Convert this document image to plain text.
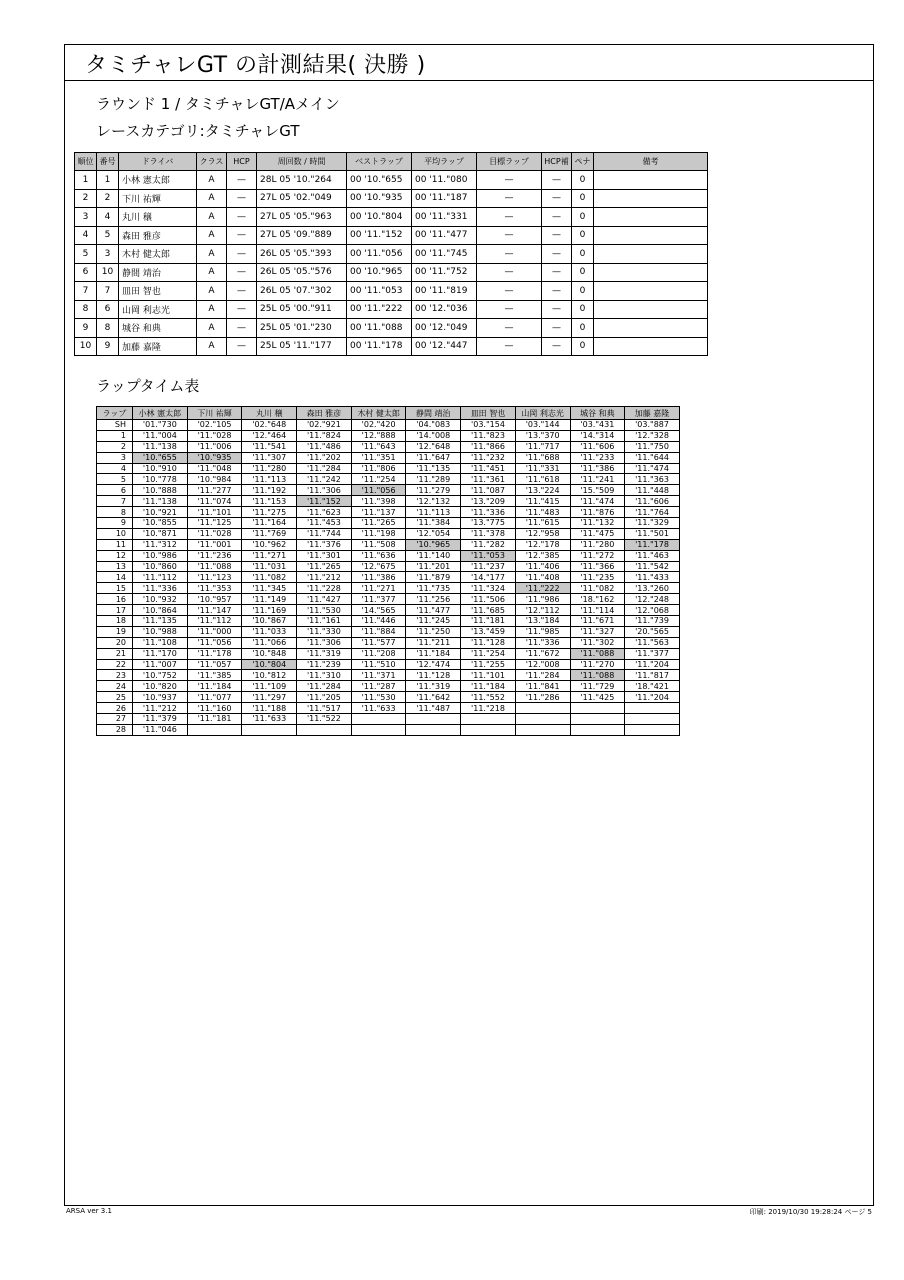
タミチャレGT の計測結果( 決勝 )
ラウンド 1 / タミチャレGT/Aメイン
レースカテゴリ:タミチャレGT
順位	番号	ドライバ	クラス	HCP	周回数 / 時間	ベストラップ	平均ラップ	目標ラップ	HCP補	ペナ	備考
1	1	小林 憲太郎	A	—	28L 05 '10."264	00 '10."655	00 '11."080	—	—	0	
2	2	下川 祐輝	A	—	27L 05 '02."049	00 '10."935	00 '11."187	—	—	0	
3	4	丸川 穣	A	—	27L 05 '05."963	00 '10."804	00 '11."331	—	—	0	
4	5	森田 雅彦	A	—	27L 05 '09."889	00 '11."152	00 '11."477	—	—	0	
5	3	木村 健太郎	A	—	26L 05 '05."393	00 '11."056	00 '11."745	—	—	0	
6	10	静間 靖治	A	—	26L 05 '05."576	00 '10."965	00 '11."752	—	—	0	
7	7	皿田 智也	A	—	26L 05 '07."302	00 '11."053	00 '11."819	—	—	0	
8	6	山岡 利志光	A	—	25L 05 '00."911	00 '11."222	00 '12."036	—	—	0	
9	8	城谷 和典	A	—	25L 05 '01."230	00 '11."088	00 '12."049	—	—	0	
10	9	加藤 嘉隆	A	—	25L 05 '11."177	00 '11."178	00 '12."447	—	—	0	
ラップタイム表
ラップ	小林 憲太郎	下川 祐輝	丸川 穣	森田 雅彦	木村 健太郎	静間 靖治	皿田 智也	山岡 利志光	城谷 和典	加藤 嘉隆
SH	'01."730	'02."105	'02."648	'02."921	'02."420	'04."083	'03."154	'03."144	'03."431	'03."887
1	'11."004	'11."028	'12."464	'11."824	'12."888	'14."008	'11."823	'13."370	'14."314	'12."328
2	'11."138	'11."006	'11."541	'11."486	'11."643	'12."648	'11."866	'11."717	'11."606	'11."750
3	'10."655	'10."935	'11."307	'11."202	'11."351	'11."647	'11."232	'11."688	'11."233	'11."644
4	'10."910	'11."048	'11."280	'11."284	'11."806	'11."135	'11."451	'11."331	'11."386	'11."474
5	'10."778	'10."984	'11."113	'11."242	'11."254	'11."289	'11."361	'11."618	'11."241	'11."363
6	'10."888	'11."277	'11."192	'11."306	'11."056	'11."279	'11."087	'13."224	'15."509	'11."448
7	'11."138	'11."074	'11."153	'11."152	'11."398	'12."132	'13."209	'11."415	'11."474	'11."606
8	'10."921	'11."101	'11."275	'11."623	'11."137	'11."113	'11."336	'11."483	'11."876	'11."764
9	'10."855	'11."125	'11."164	'11."453	'11."265	'11."384	'13."775	'11."615	'11."132	'11."329
10	'10."871	'11."028	'11."769	'11."744	'11."198	'12."054	'11."378	'12."958	'11."475	'11."501
11	'11."312	'11."001	'10."962	'11."376	'11."508	'10."965	'11."282	'12."178	'11."280	'11."178
12	'10."986	'11."236	'11."271	'11."301	'11."636	'11."140	'11."053	'12."385	'11."272	'11."463
13	'10."860	'11."088	'11."031	'11."265	'12."675	'11."201	'11."237	'11."406	'11."366	'11."542
14	'11."112	'11."123	'11."082	'11."212	'11."386	'11."879	'14."177	'11."408	'11."235	'11."433
15	'11."336	'11."353	'11."345	'11."228	'11."271	'11."735	'11."324	'11."222	'11."082	'13."260
16	'10."932	'10."957	'11."149	'11."427	'11."377	'11."256	'11."506	'11."986	'18."162	'12."248
17	'10."864	'11."147	'11."169	'11."530	'14."565	'11."477	'11."685	'12."112	'11."114	'12."068
18	'11."135	'11."112	'10."867	'11."161	'11."446	'11."245	'11."181	'13."184	'11."671	'11."739
19	'10."988	'11."000	'11."033	'11."330	'11."884	'11."250	'13."459	'11."985	'11."327	'20."565
20	'11."108	'11."056	'11."066	'11."306	'11."577	'11."211	'11."128	'11."336	'11."302	'11."563
21	'11."170	'11."178	'10."848	'11."319	'11."208	'11."184	'11."254	'11."672	'11."088	'11."377
22	'11."007	'11."057	'10."804	'11."239	'11."510	'12."474	'11."255	'12."008	'11."270	'11."204
23	'10."752	'11."385	'10."812	'11."310	'11."371	'11."128	'11."101	'11."284	'11."088	'11."817
24	'10."820	'11."184	'11."109	'11."284	'11."287	'11."319	'11."184	'11."841	'11."729	'18."421
25	'10."937	'11."077	'11."297	'11."205	'11."530	'11."642	'11."552	'11."286	'11."425	'11."204
26	'11."212	'11."160	'11."188	'11."517	'11."633	'11."487	'11."218			
27	'11."379	'11."181	'11."633	'11."522						
28	'11."046									
ARSA ver 3.1	印刷: 2019/10/30 19:28:24 ページ 5
